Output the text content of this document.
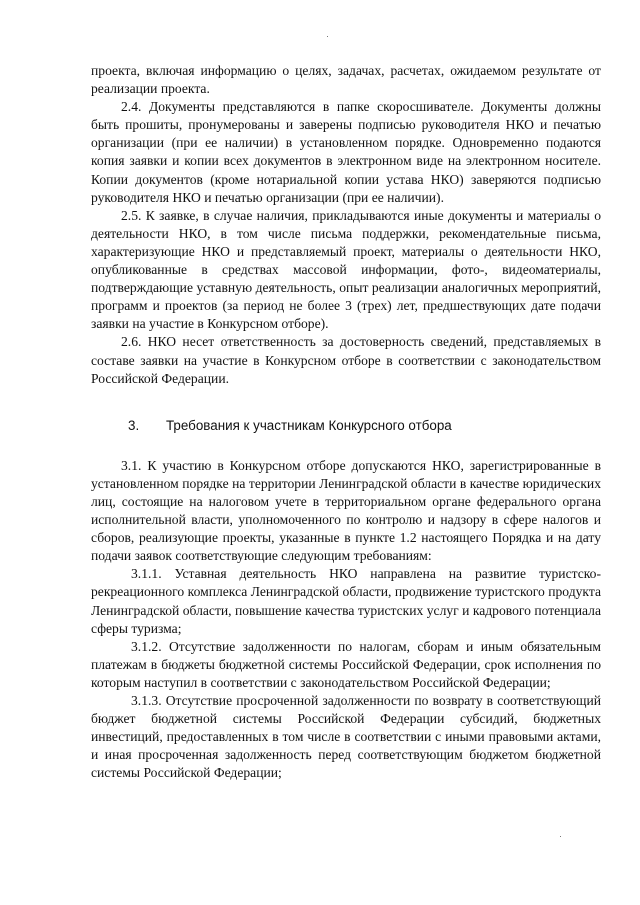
проекта, включая информацию о целях, задачах, расчетах, ожидаемом результате от реализации проекта.

2.4. Документы представляются в папке скоросшивателе. Документы должны быть прошиты, пронумерованы и заверены подписью руководителя НКО и печатью организации (при ее наличии) в установленном порядке. Одновременно подаются копия заявки и копии всех документов в электронном виде на электронном носителе. Копии документов (кроме нотариальной копии устава НКО) заверяются подписью руководителя НКО и печатью организации (при ее наличии).

2.5. К заявке, в случае наличия, прикладываются иные документы и материалы о деятельности НКО, в том числе письма поддержки, рекомендательные письма, характеризующие НКО и представляемый проект, материалы о деятельности НКО, опубликованные в средствах массовой информации, фото-, видеоматериалы, подтверждающие уставную деятельность, опыт реализации аналогичных мероприятий, программ и проектов (за период не более 3 (трех) лет, предшествующих дате подачи заявки на участие в Конкурсном отборе).

2.6. НКО несет ответственность за достоверность сведений, представляемых в составе заявки на участие в Конкурсном отборе в соответствии с законодательством Российской Федерации.

3.	Требования к участникам Конкурсного отбора

3.1. К участию в Конкурсном отборе допускаются НКО, зарегистрированные в установленном порядке на территории Ленинградской области в качестве юридических лиц, состоящие на налоговом учете в территориальном органе федерального органа исполнительной власти, уполномоченного по контролю и надзору в сфере налогов и сборов, реализующие проекты, указанные в пункте 1.2 настоящего Порядка и на дату подачи заявок соответствующие следующим требованиям:

3.1.1. Уставная деятельность НКО направлена на развитие туристско-рекреационного комплекса Ленинградской области, продвижение туристского продукта Ленинградской области, повышение качества туристских услуг и кадрового потенциала сферы туризма;

3.1.2. Отсутствие задолженности по налогам, сборам и иным обязательным платежам в бюджеты бюджетной системы Российской Федерации, срок исполнения по которым наступил в соответствии с законодательством Российской Федерации;

3.1.3. Отсутствие просроченной задолженности по возврату в соответствующий бюджет бюджетной системы Российской Федерации субсидий, бюджетных инвестиций, предоставленных в том числе в соответствии с иными правовыми актами, и иная просроченная задолженность перед соответствующим бюджетом бюджетной системы Российской Федерации;
